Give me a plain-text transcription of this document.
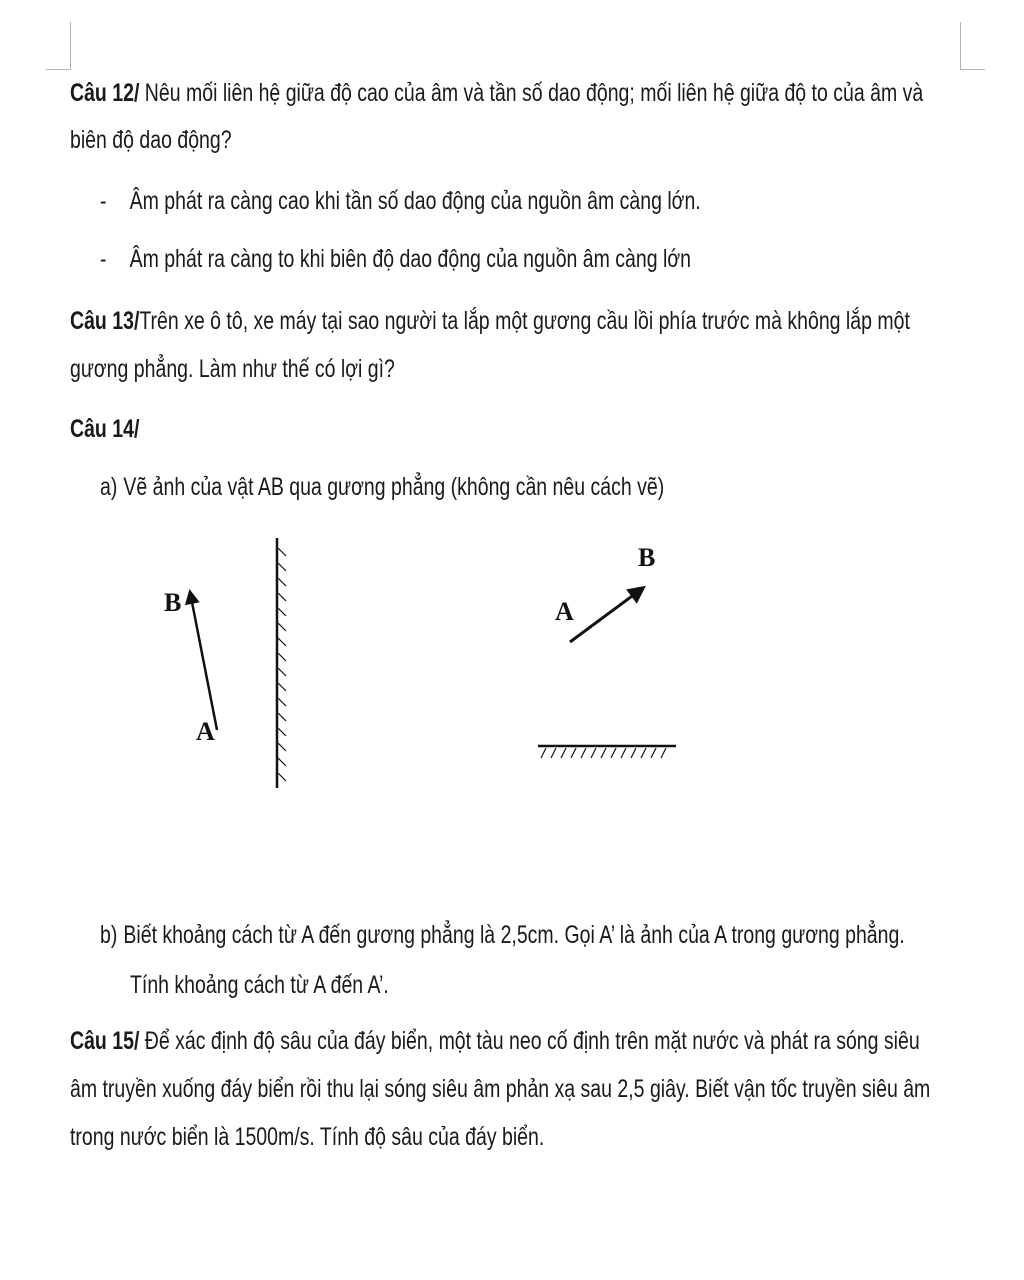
Câu 12/ Nêu mối liên hệ giữa độ cao của âm và tần số dao động; mối liên hệ giữa độ to của âm và
biên độ dao động?
- Âm phát ra càng cao khi tần số dao động của nguồn âm càng lớn.
- Âm phát ra càng to khi biên độ dao động của nguồn âm càng lớn
Câu 13/Trên xe ô tô, xe máy tại sao người ta lắp một gương cầu lồi phía trước mà không lắp một
gương phẳng. Làm như thế có lợi gì?
Câu 14/
a) Vẽ ảnh của vật AB qua gương phẳng (không cần nêu cách vẽ)
B
A
A
B
b) Biết khoảng cách từ A đến gương phẳng là 2,5cm. Gọi A’ là ảnh của A trong gương phẳng.
Tính khoảng cách từ A đến A’.
Câu 15/ Để xác định độ sâu của đáy biển, một tàu neo cố định trên mặt nước và phát ra sóng siêu
âm truyền xuống đáy biển rồi thu lại sóng siêu âm phản xạ sau 2,5 giây. Biết vận tốc truyền siêu âm
trong nước biển là 1500m/s. Tính độ sâu của đáy biển.
